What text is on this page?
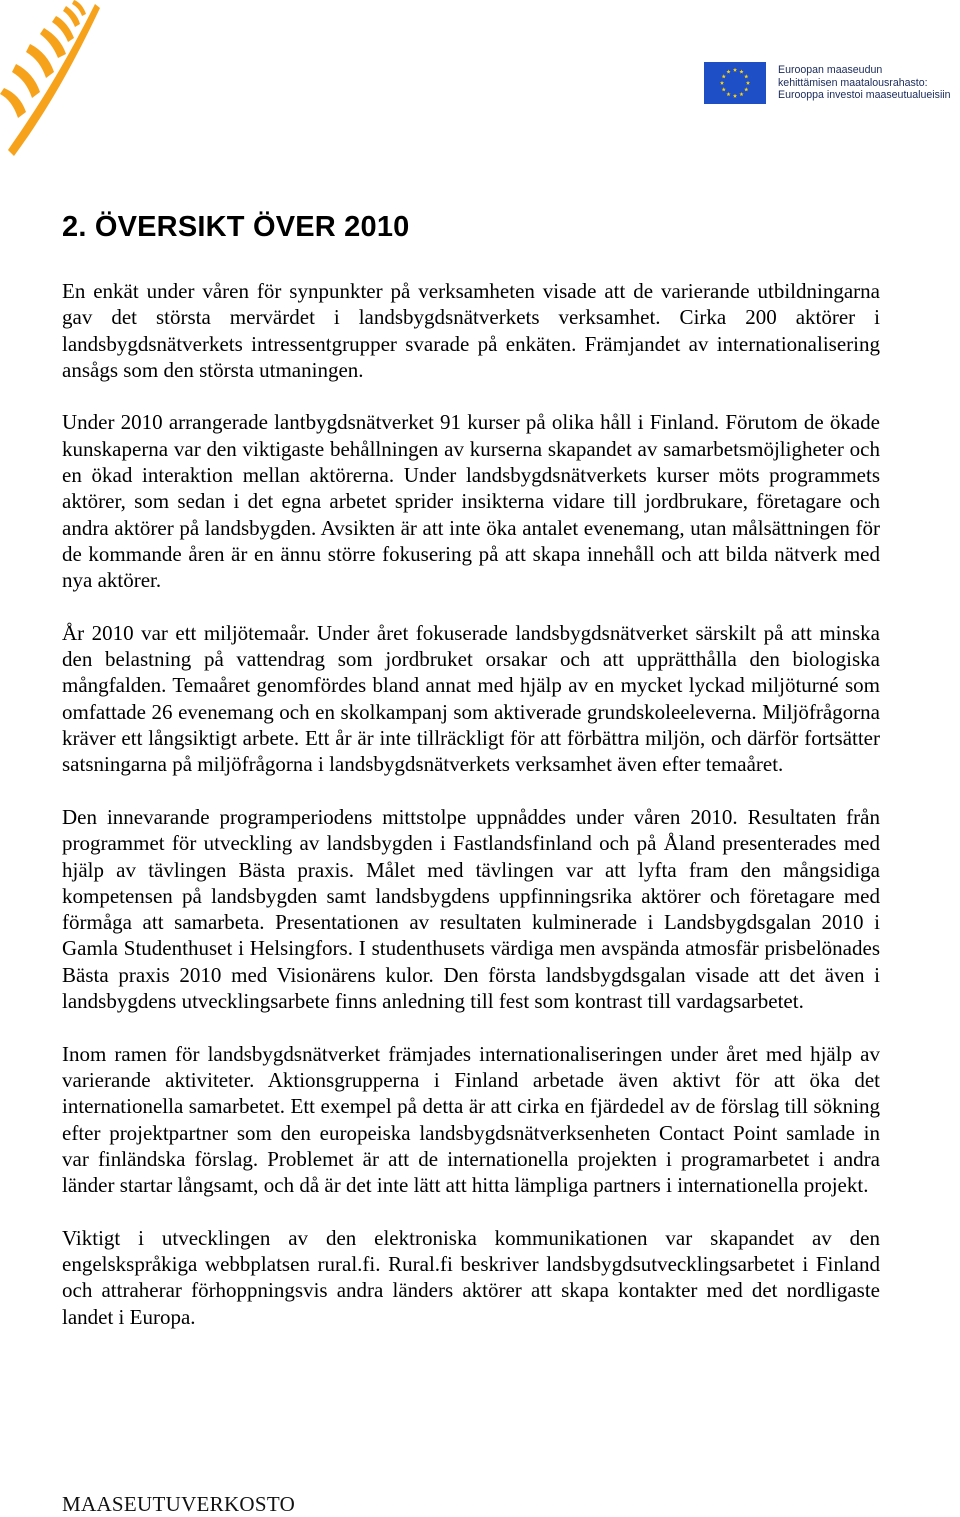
Euroopan maaseudun
kehittämisen maatalousrahasto:
Eurooppa investoi maaseutualueisiin
2. ÖVERSIKT ÖVER 2010

En enkät under våren för synpunkter på verksamheten visade att de varierande utbildningarna gav det största mervärdet i landsbygdsnätverkets verksamhet. Cirka 200 aktörer i landsbygdsnätverkets intressentgrupper svarade på enkäten. Främjandet av internationalisering ansågs som den största utmaningen.

Under 2010 arrangerade lantbygdsnätverket 91 kurser på olika håll i Finland. Förutom de ökade kunskaperna var den viktigaste behållningen av kurserna skapandet av samarbetsmöjligheter och en ökad interaktion mellan aktörerna. Under landsbygdsnätverkets kurser möts programmets aktörer, som sedan i det egna arbetet sprider insikterna vidare till jordbrukare, företagare och andra aktörer på landsbygden. Avsikten är att inte öka antalet evenemang, utan målsättningen för de kommande åren är en ännu större fokusering på att skapa innehåll och att bilda nätverk med nya aktörer.

År 2010 var ett miljötemaår. Under året fokuserade landsbygdsnätverket särskilt på att minska den belastning på vattendrag som jordbruket orsakar och att upprätthålla den biologiska mångfalden. Temaåret genomfördes bland annat med hjälp av en mycket lyckad miljöturné som omfattade 26 evenemang och en skolkampanj som aktiverade grundskoleeleverna. Miljöfrågorna kräver ett långsiktigt arbete. Ett år är inte tillräckligt för att förbättra miljön, och därför fortsätter satsningarna på miljöfrågorna i landsbygdsnätverkets verksamhet även efter temaåret.

Den innevarande programperiodens mittstolpe uppnåddes under våren 2010. Resultaten från programmet för utveckling av landsbygden i Fastlandsfinland och på Åland presenterades med hjälp av tävlingen Bästa praxis. Målet med tävlingen var att lyfta fram den mångsidiga kompetensen på landsbygden samt landsbygdens uppfinningsrika aktörer och företagare med förmåga att samarbeta. Presentationen av resultaten kulminerade i Landsbygdsgalan 2010 i Gamla Studenthuset i Helsingfors. I studenthusets värdiga men avspända atmosfär prisbelönades Bästa praxis 2010 med Visionärens kulor. Den första landsbygdsgalan visade att det även i landsbygdens utvecklingsarbete finns anledning till fest som kontrast till vardagsarbetet.

Inom ramen för landsbygdsnätverket främjades internationaliseringen under året med hjälp av varierande aktiviteter. Aktionsgrupperna i Finland arbetade även aktivt för att öka det internationella samarbetet. Ett exempel på detta är att cirka en fjärdedel av de förslag till sökning efter projektpartner som den europeiska landsbygdsnätverksenheten Contact Point samlade in var finländska förslag. Problemet är att de internationella projekten i programarbetet i andra länder startar långsamt, och då är det inte lätt att hitta lämpliga partners i internationella projekt.

Viktigt i utvecklingen av den elektroniska kommunikationen var skapandet av den engelskspråkiga webbplatsen rural.fi. Rural.fi beskriver landsbygdsutvecklingsarbetet i Finland och attraherar förhoppningsvis andra länders aktörer att skapa kontakter med det nordligaste landet i Europa.

MAASEUTUVERKOSTO
